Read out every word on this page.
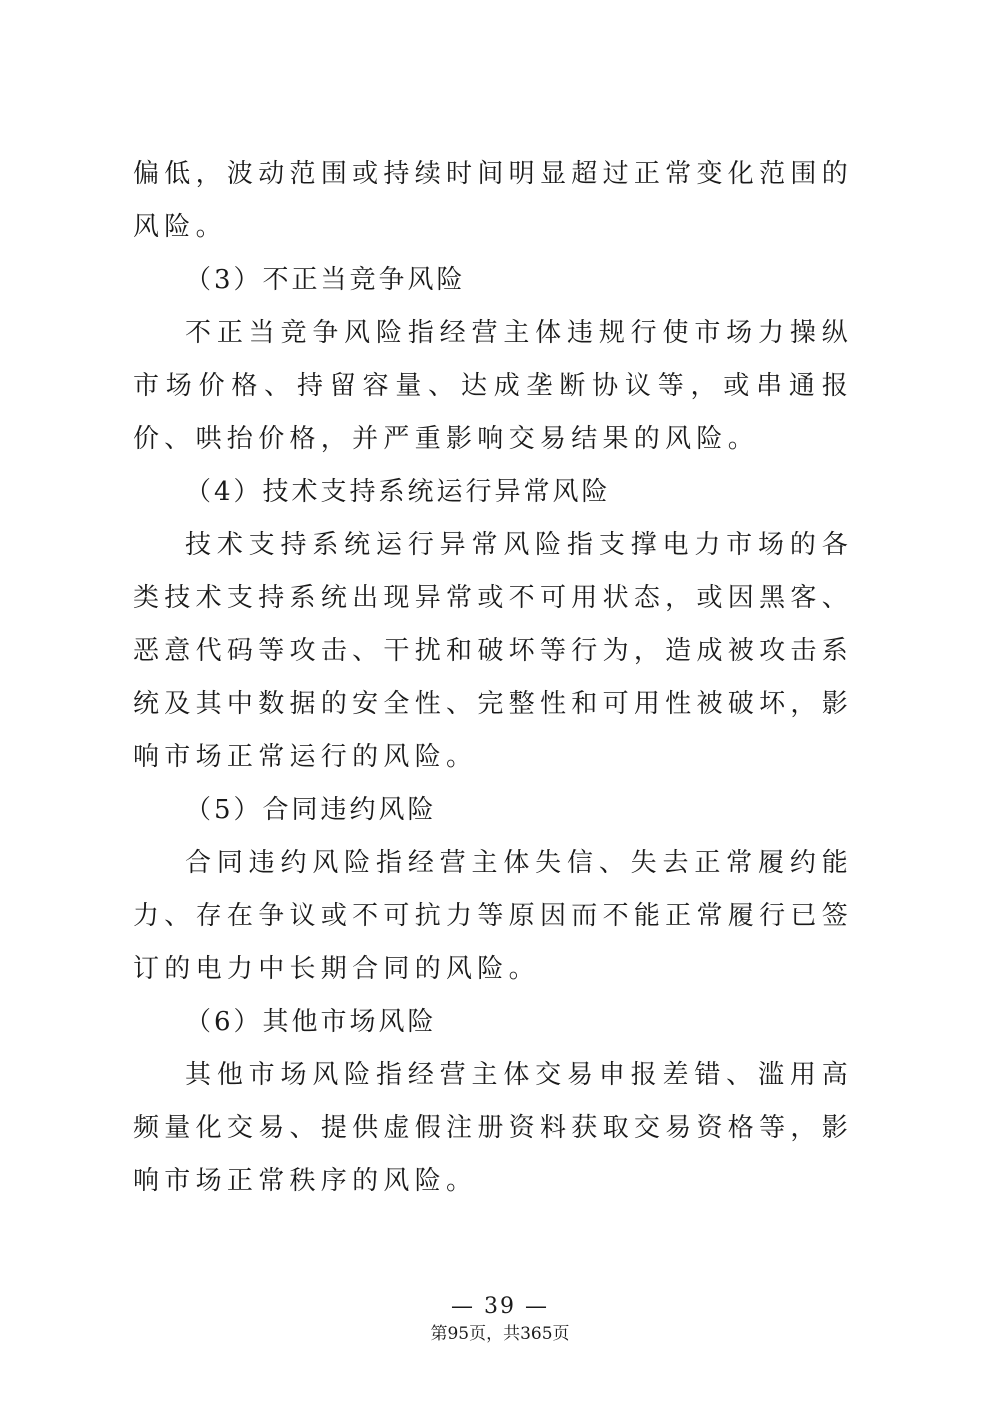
偏低，波动范围或持续时间明显超过正常变化范围的风险。

（3）不正当竞争风险

不正当竞争风险指经营主体违规行使市场力操纵市场价格、持留容量、达成垄断协议等，或串通报价、哄抬价格，并严重影响交易结果的风险。

（4）技术支持系统运行异常风险

技术支持系统运行异常风险指支撑电力市场的各类技术支持系统出现异常或不可用状态，或因黑客、恶意代码等攻击、干扰和破坏等行为，造成被攻击系统及其中数据的安全性、完整性和可用性被破坏，影响市场正常运行的风险。

（5）合同违约风险

合同违约风险指经营主体失信、失去正常履约能力、存在争议或不可抗力等原因而不能正常履行已签订的电力中长期合同的风险。

（6）其他市场风险

其他市场风险指经营主体交易申报差错、滥用高频量化交易、提供虚假注册资料获取交易资格等，影响市场正常秩序的风险。

— 39 —
第95页，共365页
